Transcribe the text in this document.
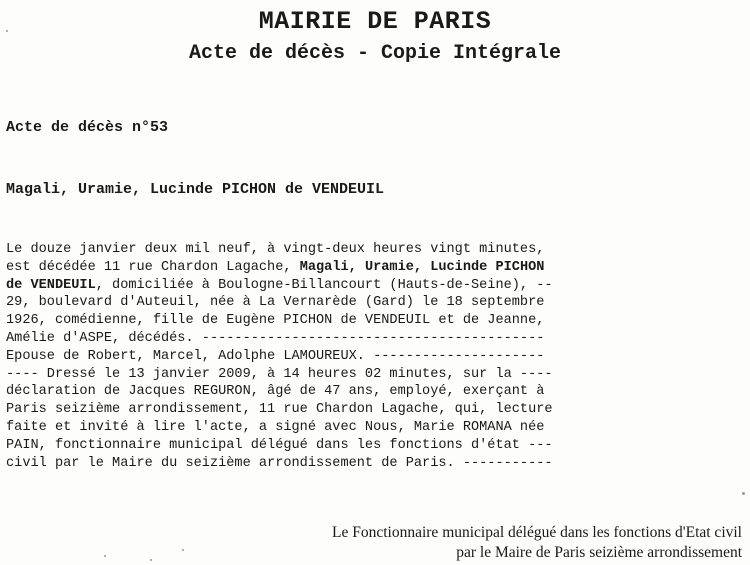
MAIRIE DE PARIS
Acte de décès - Copie Intégrale
Acte de décès n°53
Magali, Uramie, Lucinde PICHON de VENDEUIL
Le douze janvier deux mil neuf, à vingt-deux heures vingt minutes,
est décédée 11 rue Chardon Lagache, Magali, Uramie, Lucinde PICHON
de VENDEUIL, domiciliée à Boulogne-Billancourt (Hauts-de-Seine), --
29, boulevard d'Auteuil, née à La Vernarède (Gard) le 18 septembre
1926, comédienne, fille de Eugène PICHON de VENDEUIL et de Jeanne,
Amélie d'ASPE, décédés. ------------------------------------------
Epouse de Robert, Marcel, Adolphe LAMOUREUX. ---------------------
---- Dressé le 13 janvier 2009, à 14 heures 02 minutes, sur la ----
déclaration de Jacques REGURON, âgé de 47 ans, employé, exerçant à
Paris seizième arrondissement, 11 rue Chardon Lagache, qui, lecture
faite et invité à lire l'acte, a signé avec Nous, Marie ROMANA née
PAIN, fonctionnaire municipal délégué dans les fonctions d'état ---
civil par le Maire du seizième arrondissement de Paris. -----------
Le Fonctionnaire municipal délégué dans les fonctions d'Etat civil
par le Maire de Paris seizième arrondissement
